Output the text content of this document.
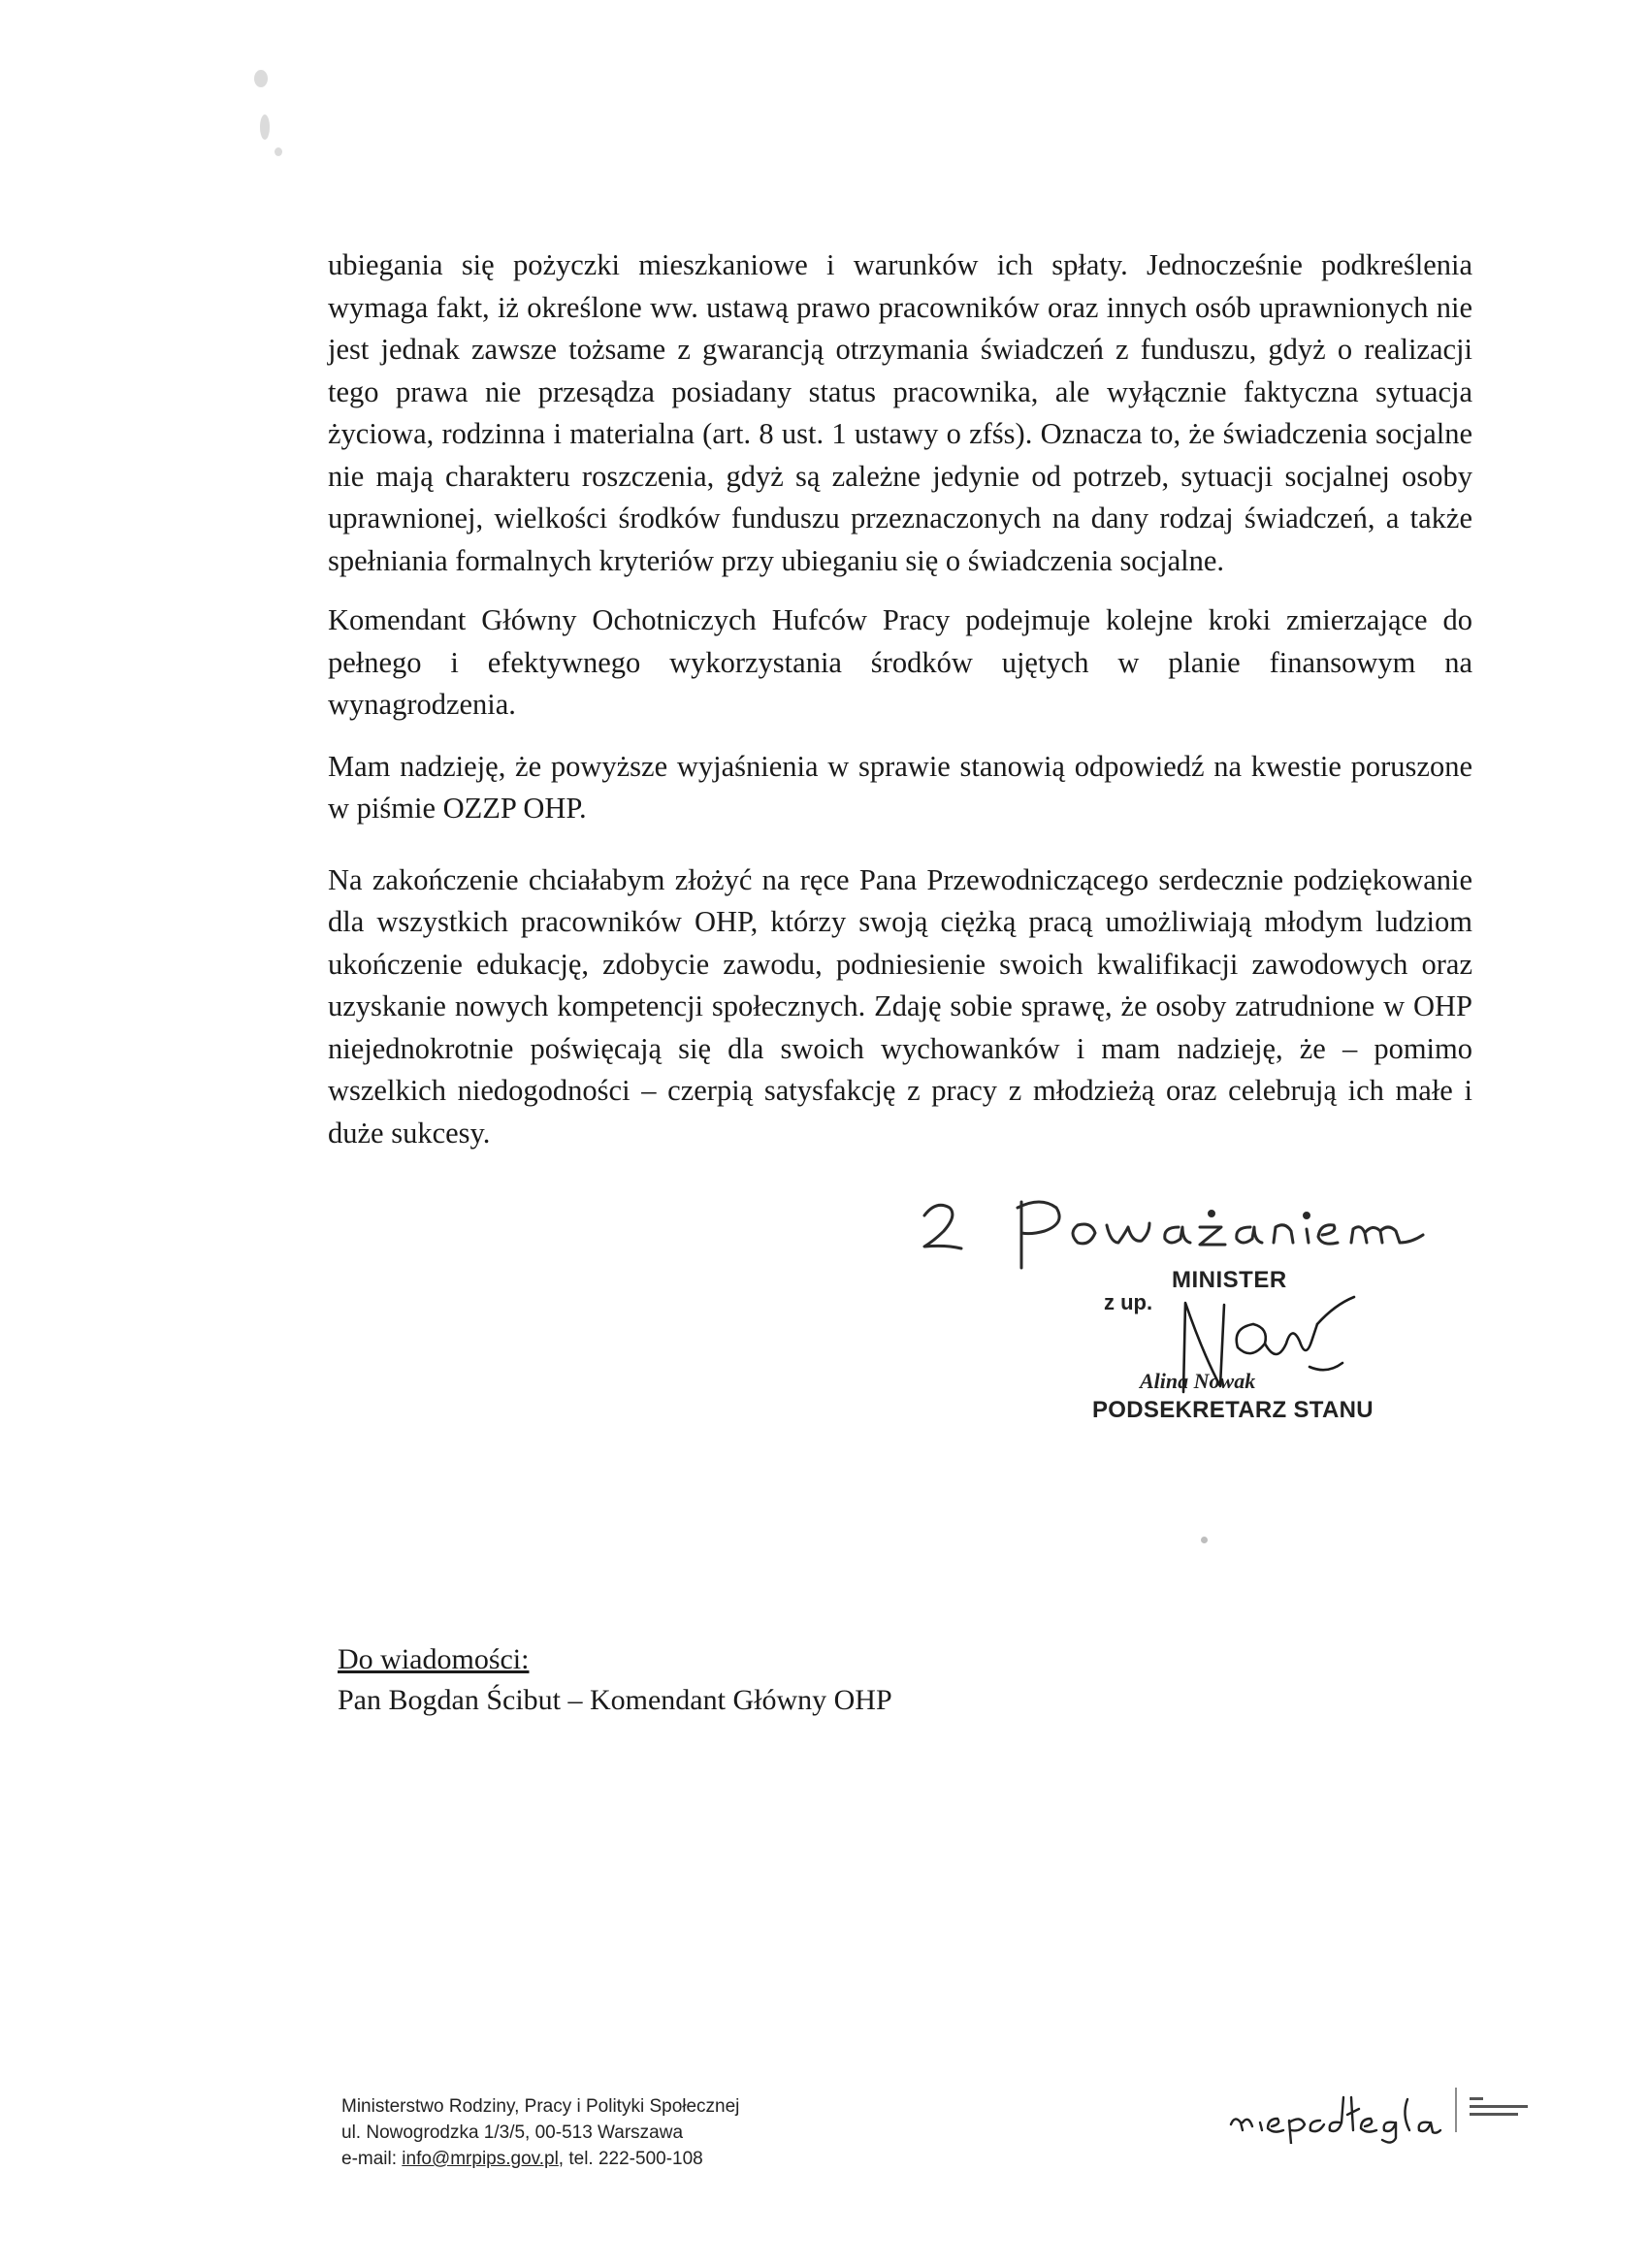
ubiegania się pożyczki mieszkaniowe i warunków ich spłaty. Jednocześnie podkreślenia wymaga fakt, iż określone ww. ustawą prawo pracowników oraz innych osób uprawnionych nie jest jednak zawsze tożsame z gwarancją otrzymania świadczeń z funduszu, gdyż o realizacji tego prawa nie przesądza posiadany status pracownika, ale wyłącznie faktyczna sytuacja życiowa, rodzinna i materialna (art. 8 ust. 1 ustawy o zfśs). Oznacza to, że świadczenia socjalne nie mają charakteru roszczenia, gdyż są zależne jedynie od potrzeb, sytuacji socjalnej osoby uprawnionej, wielkości środków funduszu przeznaczonych na dany rodzaj świadczeń, a także spełniania formalnych kryteriów przy ubieganiu się o świadczenia socjalne.

Komendant Główny Ochotniczych Hufców Pracy podejmuje kolejne kroki zmierzające do pełnego i efektywnego wykorzystania środków ujętych w planie finansowym na wynagrodzenia.

Mam nadzieję, że powyższe wyjaśnienia w sprawie stanowią odpowiedź na kwestie poruszone w piśmie OZZP OHP.

Na zakończenie chciałabym złożyć na ręce Pana Przewodniczącego serdecznie podziękowanie dla wszystkich pracowników OHP, którzy swoją ciężką pracą umożliwiają młodym ludziom ukończenie edukację, zdobycie zawodu, podniesienie swoich kwalifikacji zawodowych oraz uzyskanie nowych kompetencji społecznych. Zdaję sobie sprawę, że osoby zatrudnione w OHP niejednokrotnie poświęcają się dla swoich wychowanków i mam nadzieję, że – pomimo wszelkich niedogodności – czerpią satysfakcję z pracy z młodzieżą oraz celebrują ich małe i duże sukcesy.

MINISTER
z up.
Alina Nowak
PODSEKRETARZ STANU
Do wiadomości:
Pan Bogdan Ścibut – Komendant Główny OHP
Ministerstwo Rodziny, Pracy i Polityki Społecznej
ul. Nowogrodzka 1/3/5, 00-513 Warszawa
e-mail: info@mrpips.gov.pl, tel. 222-500-108
